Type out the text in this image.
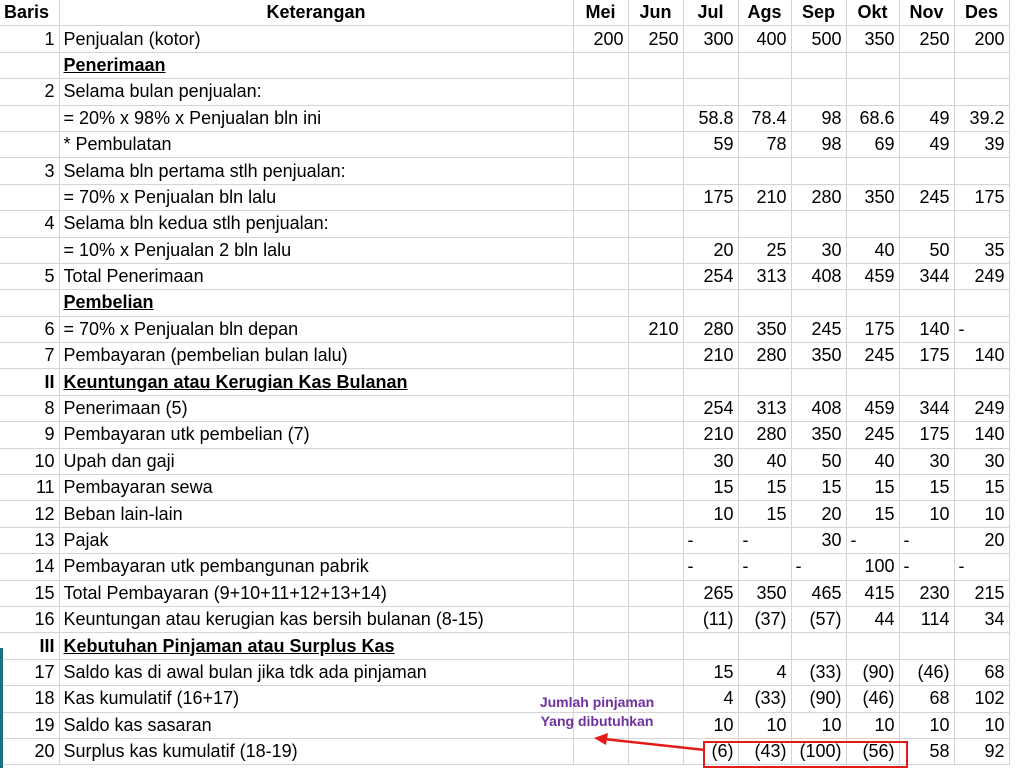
Baris	Keterangan	Mei	Jun	Jul	Ags	Sep	Okt	Nov	Des
1	Penjualan (kotor)	200	250	300	400	500	350	250	200
	Penerimaan								
2	Selama bulan penjualan:								
	= 20% x 98% x Penjualan bln ini			58.8	78.4	98	68.6	49	39.2
	* Pembulatan			59	78	98	69	49	39
3	Selama bln pertama stlh penjualan:								
	= 70% x Penjualan bln lalu			175	210	280	350	245	175
4	Selama bln kedua stlh penjualan:								
	= 10% x Penjualan 2 bln lalu			20	25	30	40	50	35
5	Total Penerimaan			254	313	408	459	344	249
	Pembelian								
6	= 70% x Penjualan bln depan		210	280	350	245	175	140	-
7	Pembayaran (pembelian bulan lalu)			210	280	350	245	175	140
II	Keuntungan atau Kerugian Kas Bulanan								
8	Penerimaan (5)			254	313	408	459	344	249
9	Pembayaran utk pembelian (7)			210	280	350	245	175	140
10	Upah dan gaji			30	40	50	40	30	30
11	Pembayaran sewa			15	15	15	15	15	15
12	Beban lain-lain			10	15	20	15	10	10
13	Pajak			-	-	30	-	-	20
14	Pembayaran utk pembangunan pabrik			-	-	-	100	-	-
15	Total Pembayaran (9+10+11+12+13+14)			265	350	465	415	230	215
16	Keuntungan atau kerugian kas bersih bulanan (8-15)			(11)	(37)	(57)	44	114	34
III	Kebutuhan Pinjaman atau Surplus Kas								
17	Saldo kas di awal bulan jika tdk ada pinjaman			15	4	(33)	(90)	(46)	68
18	Kas kumulatif (16+17)			4	(33)	(90)	(46)	68	102
19	Saldo kas sasaran			10	10	10	10	10	10
20	Surplus kas kumulatif (18-19)			(6)	(43)	(100)	(56)	58	92
Jumlah pinjaman
Yang dibutuhkan
